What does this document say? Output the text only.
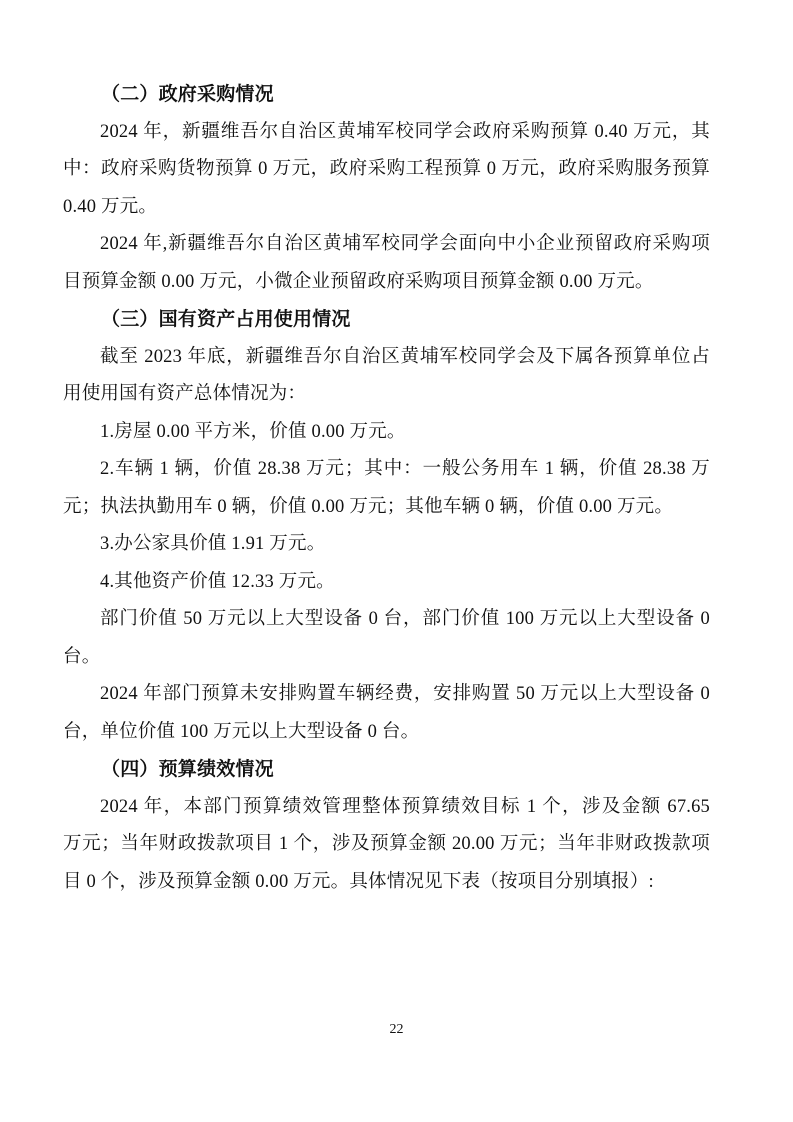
（二）政府采购情况
2024 年，新疆维吾尔自治区黄埔军校同学会政府采购预算 0.40 万元，其
中：政府采购货物预算 0 万元，政府采购工程预算 0 万元，政府采购服务预算
0.40 万元。
2024 年,新疆维吾尔自治区黄埔军校同学会面向中小企业预留政府采购项
目预算金额 0.00 万元，小微企业预留政府采购项目预算金额 0.00 万元。
（三）国有资产占用使用情况
截至 2023 年底，新疆维吾尔自治区黄埔军校同学会及下属各预算单位占
用使用国有资产总体情况为：
1.房屋 0.00 平方米，价值 0.00 万元。
2.车辆 1 辆，价值 28.38 万元；其中：一般公务用车 1 辆，价值 28.38 万
元；执法执勤用车 0 辆，价值 0.00 万元；其他车辆 0 辆，价值 0.00 万元。
3.办公家具价值 1.91 万元。
4.其他资产价值 12.33 万元。
部门价值 50 万元以上大型设备 0 台，部门价值 100 万元以上大型设备 0
台。
2024 年部门预算未安排购置车辆经费，安排购置 50 万元以上大型设备 0
台，单位价值 100 万元以上大型设备 0 台。
（四）预算绩效情况
2024 年，本部门预算绩效管理整体预算绩效目标 1 个，涉及金额 67.65
万元；当年财政拨款项目 1 个，涉及预算金额 20.00 万元；当年非财政拨款项
目 0 个，涉及预算金额 0.00 万元。具体情况见下表（按项目分别填报）:
22
